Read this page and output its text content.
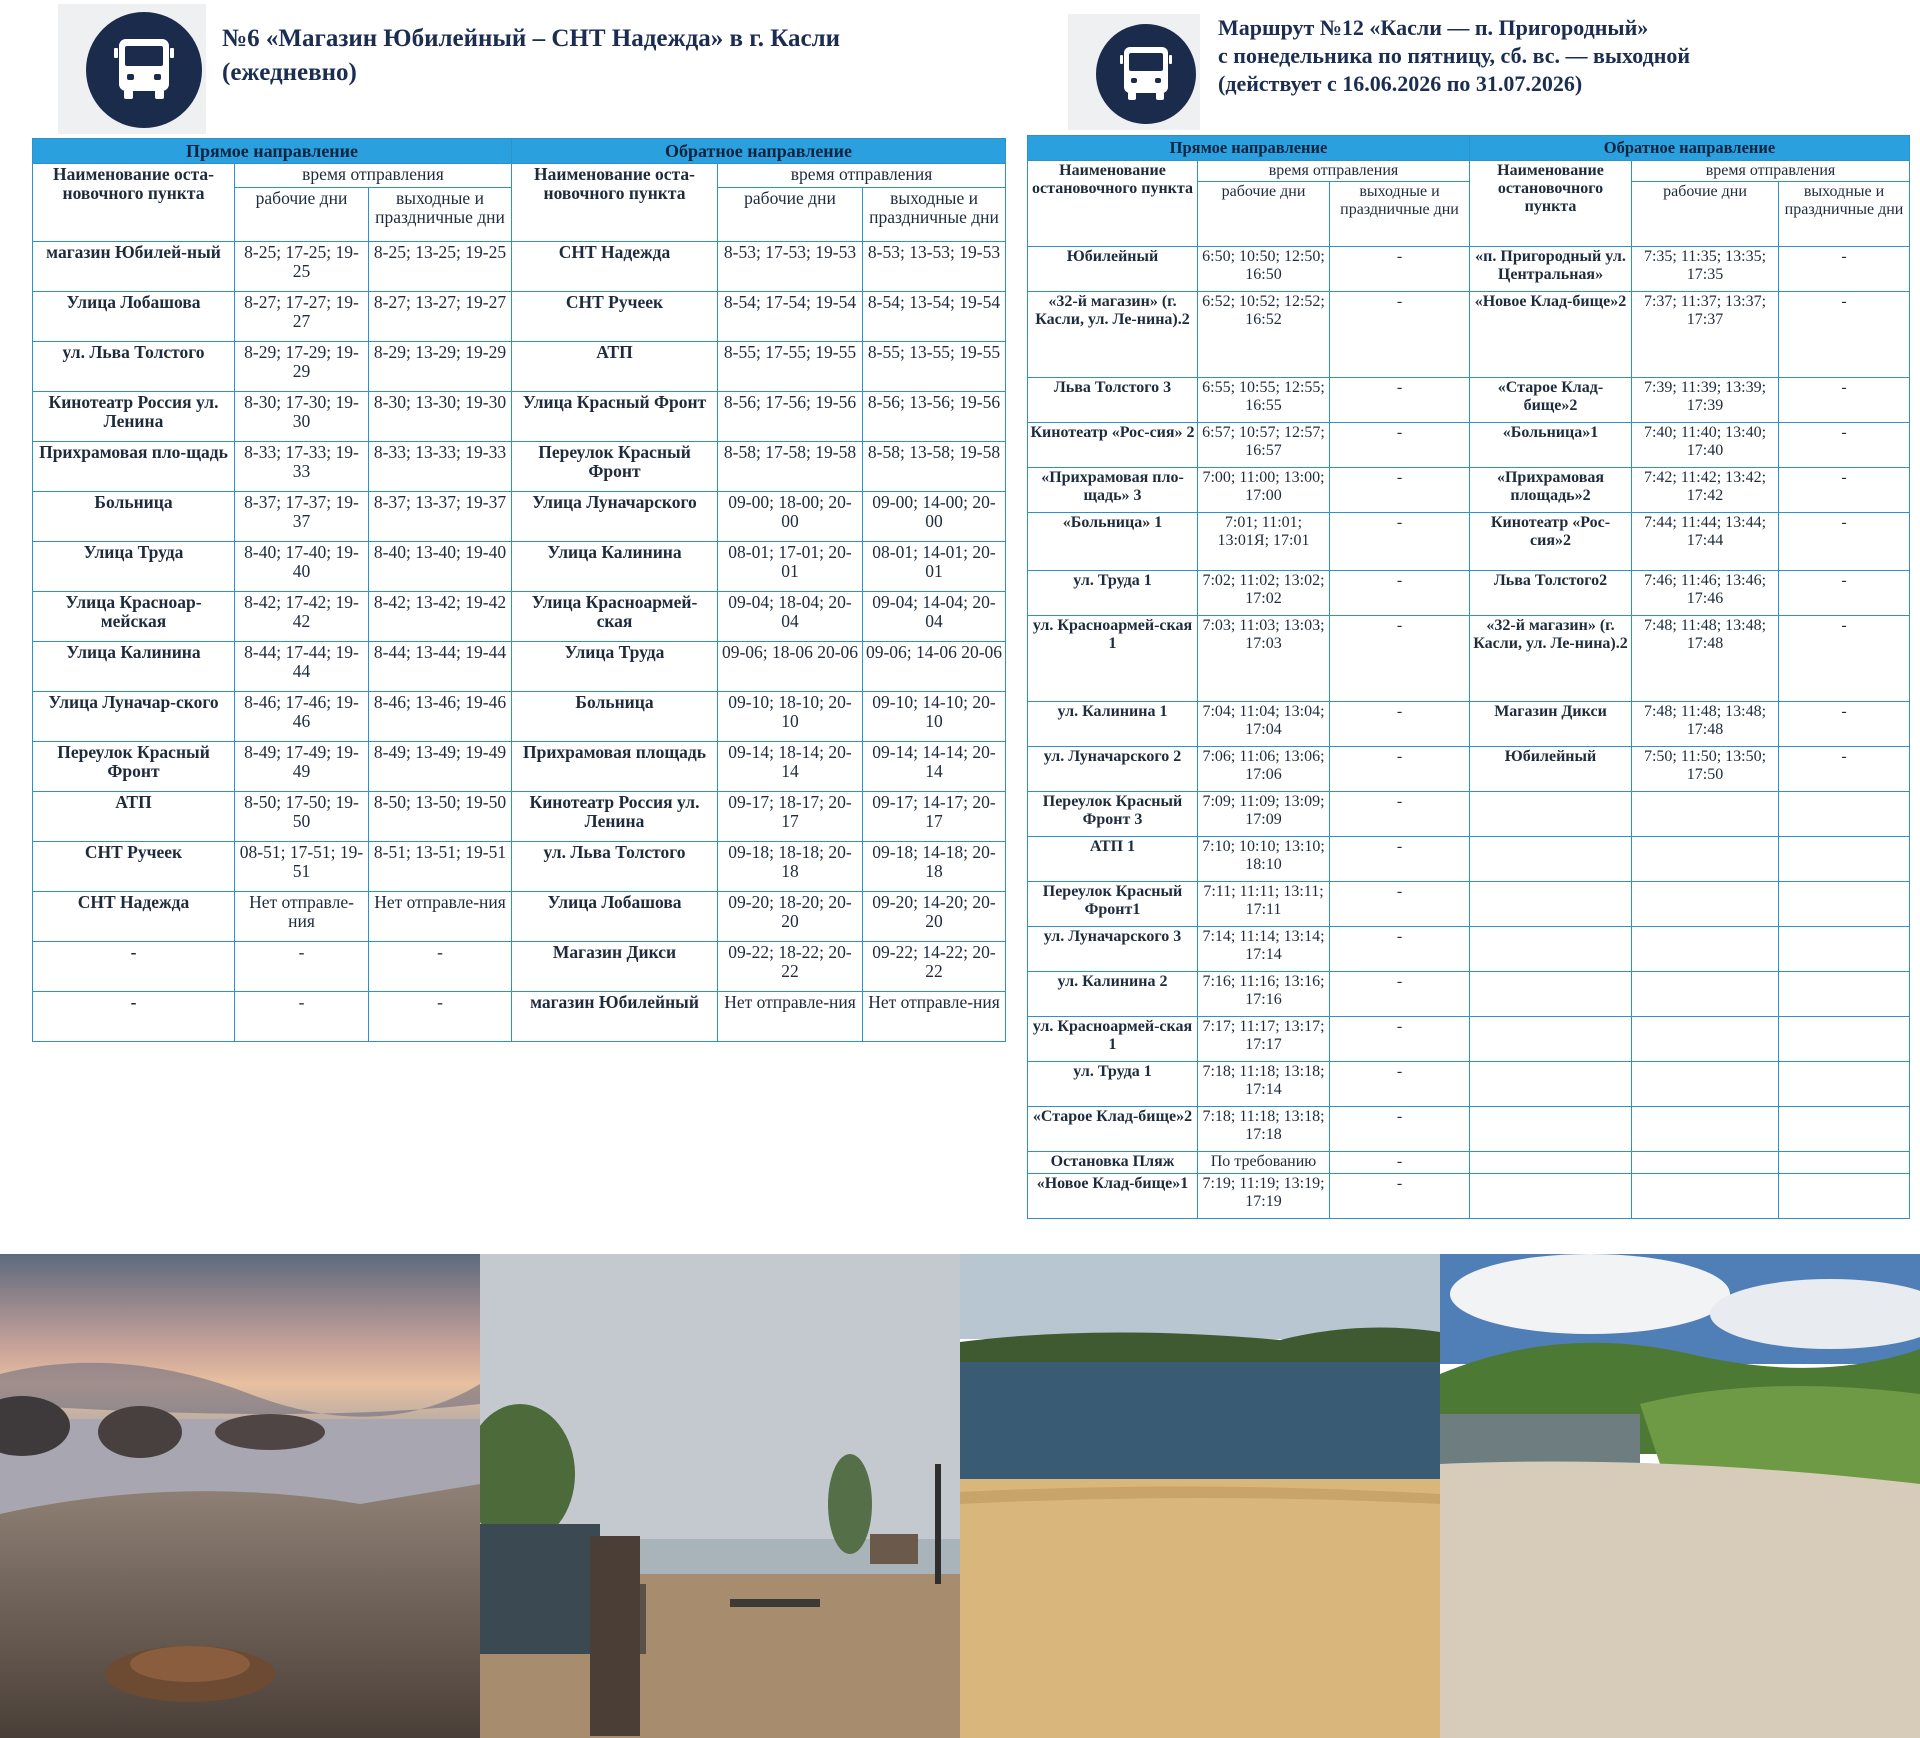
№6 «Магазин Юбилейный – СНТ Надежда» в г. Касли
(ежедневно)
Маршрут №12 «Касли — п. Пригородный»
с понедельника по пятницу, сб. вс. — выходной
(действует с 16.06.2026 по 31.07.2026)
Прямое направление			Обратное направление		
Наименование оста-новочного пункта	время отправления		Наименование оста-новочного пункта	время отправления	
	рабочие дни	выходные и праздничные дни		рабочие дни	выходные и праздничные дни
магазин Юбилей-ный	8-25; 17-25; 19-25	8-25; 13-25; 19-25	СНТ Надежда	8-53; 17-53; 19-53	8-53; 13-53; 19-53
Улица Лобашова	8-27; 17-27; 19-27	8-27; 13-27; 19-27	СНТ Ручеек	8-54; 17-54; 19-54	8-54; 13-54; 19-54
ул. Льва Толстого	8-29; 17-29; 19-29	8-29; 13-29; 19-29	АТП	8-55; 17-55; 19-55	8-55; 13-55; 19-55
Кинотеатр Россия ул. Ленина	8-30; 17-30; 19-30	8-30; 13-30; 19-30	Улица Красный Фронт	8-56; 17-56; 19-56	8-56; 13-56; 19-56
Прихрамовая пло-щадь	8-33; 17-33; 19-33	8-33; 13-33; 19-33	Переулок Красный Фронт	8-58; 17-58; 19-58	8-58; 13-58; 19-58
Больница	8-37; 17-37; 19-37	8-37; 13-37; 19-37	Улица Луначарского	09-00; 18-00; 20-00	09-00; 14-00; 20-00
Улица Труда	8-40; 17-40; 19-40	8-40; 13-40; 19-40	Улица Калинина	08-01; 17-01; 20-01	08-01; 14-01; 20-01
Улица Красноар-мейская	8-42; 17-42; 19-42	8-42; 13-42; 19-42	Улица Красноармей-ская	09-04; 18-04; 20-04	09-04; 14-04; 20-04
Улица Калинина	8-44; 17-44; 19-44	8-44; 13-44; 19-44	Улица Труда	09-06; 18-06 20-06	09-06; 14-06 20-06
Улица Луначар-ского	8-46; 17-46; 19-46	8-46; 13-46; 19-46	Больница	09-10; 18-10; 20-10	09-10; 14-10; 20-10
Переулок Красный Фронт	8-49; 17-49; 19-49	8-49; 13-49; 19-49	Прихрамовая площадь	09-14; 18-14; 20-14	09-14; 14-14; 20-14
АТП	8-50; 17-50; 19-50	8-50; 13-50; 19-50	Кинотеатр Россия ул. Ленина	09-17; 18-17; 20-17	09-17; 14-17; 20-17
СНТ Ручеек	08-51; 17-51; 19-51	8-51; 13-51; 19-51	ул. Льва Толстого	09-18; 18-18; 20-18	09-18; 14-18; 20-18
СНТ Надежда	Нет отправле-ния	Нет отправле-ния	Улица Лобашова	09-20; 18-20; 20-20	09-20; 14-20; 20-20
-	-	-	Магазин Дикси	09-22; 18-22; 20-22	09-22; 14-22; 20-22
-	-	-	магазин Юбилейный	Нет отправле-ния	Нет отправле-ния
Прямое направление			Обратное направление		
Наименование остановочного пункта	время отправления		Наименование остановочного пункта	время отправления	
	рабочие дни	выходные и праздничные дни		рабочие дни	выходные и праздничные дни
Юбилейный	6:50; 10:50; 12:50; 16:50	-	«п. Пригородный ул. Центральная»	7:35; 11:35; 13:35; 17:35	-
«32-й магазин» (г. Касли, ул. Ле-нина).2	6:52; 10:52; 12:52; 16:52	-	«Новое Клад-бище»2	7:37; 11:37; 13:37; 17:37	-
Льва Толстого 3	6:55; 10:55; 12:55; 16:55	-	«Старое Клад-бище»2	7:39; 11:39; 13:39; 17:39	-
Кинотеатр «Рос-сия» 2	6:57; 10:57; 12:57; 16:57	-	«Больница»1	7:40; 11:40; 13:40; 17:40	-
«Прихрамовая пло-щадь» 3	7:00; 11:00; 13:00; 17:00	-	«Прихрамовая площадь»2	7:42; 11:42; 13:42; 17:42	-
«Больница» 1	7:01; 11:01; 13:01Я; 17:01	-	Кинотеатр «Рос-сия»2	7:44; 11:44; 13:44; 17:44	-
ул. Труда 1	7:02; 11:02; 13:02; 17:02	-	Льва Толстого2	7:46; 11:46; 13:46; 17:46	-
ул. Красноармей-ская 1	7:03; 11:03; 13:03; 17:03	-	«32-й магазин» (г. Касли, ул. Ле-нина).2	7:48; 11:48; 13:48; 17:48	-
ул. Калинина 1	7:04; 11:04; 13:04; 17:04	-	Магазин Дикси	7:48; 11:48; 13:48; 17:48	-
ул. Луначарского 2	7:06; 11:06; 13:06; 17:06	-	Юбилейный	7:50; 11:50; 13:50; 17:50	-
Переулок Красный Фронт 3	7:09; 11:09; 13:09; 17:09	-			
АТП 1	7:10; 10:10; 13:10; 18:10	-			
Переулок Красный Фронт1	7:11; 11:11; 13:11; 17:11	-			
ул. Луначарского 3	7:14; 11:14; 13:14; 17:14	-			
ул. Калинина 2	7:16; 11:16; 13:16; 17:16	-			
ул. Красноармей-ская 1	7:17; 11:17; 13:17; 17:17	-			
ул. Труда 1	7:18; 11:18; 13:18; 17:14	-			
«Старое Клад-бище»2	7:18; 11:18; 13:18; 17:18	-			
Остановка Пляж	По требованию	-			
«Новое Клад-бище»1	7:19; 11:19; 13:19; 17:19	-			
